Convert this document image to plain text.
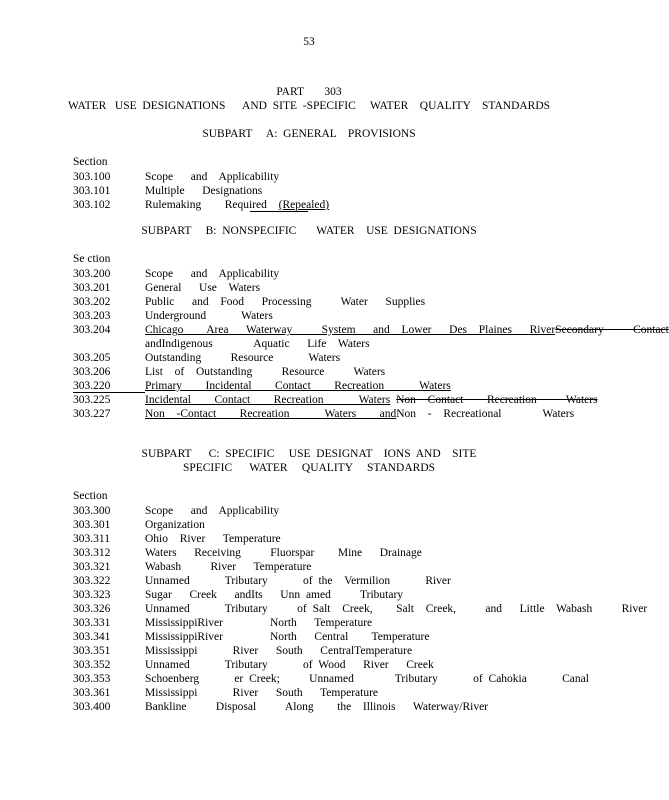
53
PART   303
WATER   USE  DESIGNATIONS      AND  SITE  -SPECIFIC     WATER    QUALITY    STANDARDS
SUBPART     A:  GENERAL    PROVISIONS
Section
303.100	Scope   and  Applicability
303.101	Multiple   Designations
303.102	Rulemaking    Required (Repealed)
SUBPART     B:  NONSPECIFIC       WATER    USE  DESIGNATIONS
Se ction
303.200	Scope   and  Applicability
303.201	General   Use  Waters
303.202	Public   and  Food   Processing     Water   Supplies
303.203	Underground      Waters
303.204	Chicago    Area   Waterway     System   and  Lower   Des  Plaines   RiverSecondary     Contact
andIndigenous       Aquatic   Life  Waters
303.205	Outstanding     Resource      Waters
303.206	List  of  Outstanding     Resource     Waters
303.220	Primary    Incidental    Contact    Recreation      Waters
303.225	Incidental    Contact    Recreation      Waters Non  Contact    Recreation     Waters
303.227	Non  -Contact    Recreation      Waters    andNon  -  Recreational       Waters
SUBPART      C:  SPECIFIC     USE  DESIGNAT    IONS  AND    SITE
SPECIFIC      WATER     QUALITY     STANDARDS
Section
303.300	Scope   and  Applicability
303.301	Organization
303.311	Ohio  River   Temperature
303.312	Waters   Receiving     Fluorspar    Mine   Drainage
303.321	Wabash     River   Temperature
303.322	Unnamed      Tributary      of the  Vermilion      River
303.323	Sugar   Creek   andIts   Unn amed     Tributary
303.326	Unnamed      Tributary     of Salt  Creek,    Salt  Creek,     and   Little  Wabash     River
303.331	MississippiRiver        North   Temperature
303.341	MississippiRiver        North   Central    Temperature
303.351	Mississippi      River   South   CentralTemperature
303.352	Unnamed      Tributary      of Wood   River   Creek
303.353	Schoenberg      er Creek;     Unnamed       Tributary      of Cahokia      Canal
303.361	Mississippi      River   South   Temperature
303.400	Bankline     Disposal     Along    the  Illinois   Waterway/River
